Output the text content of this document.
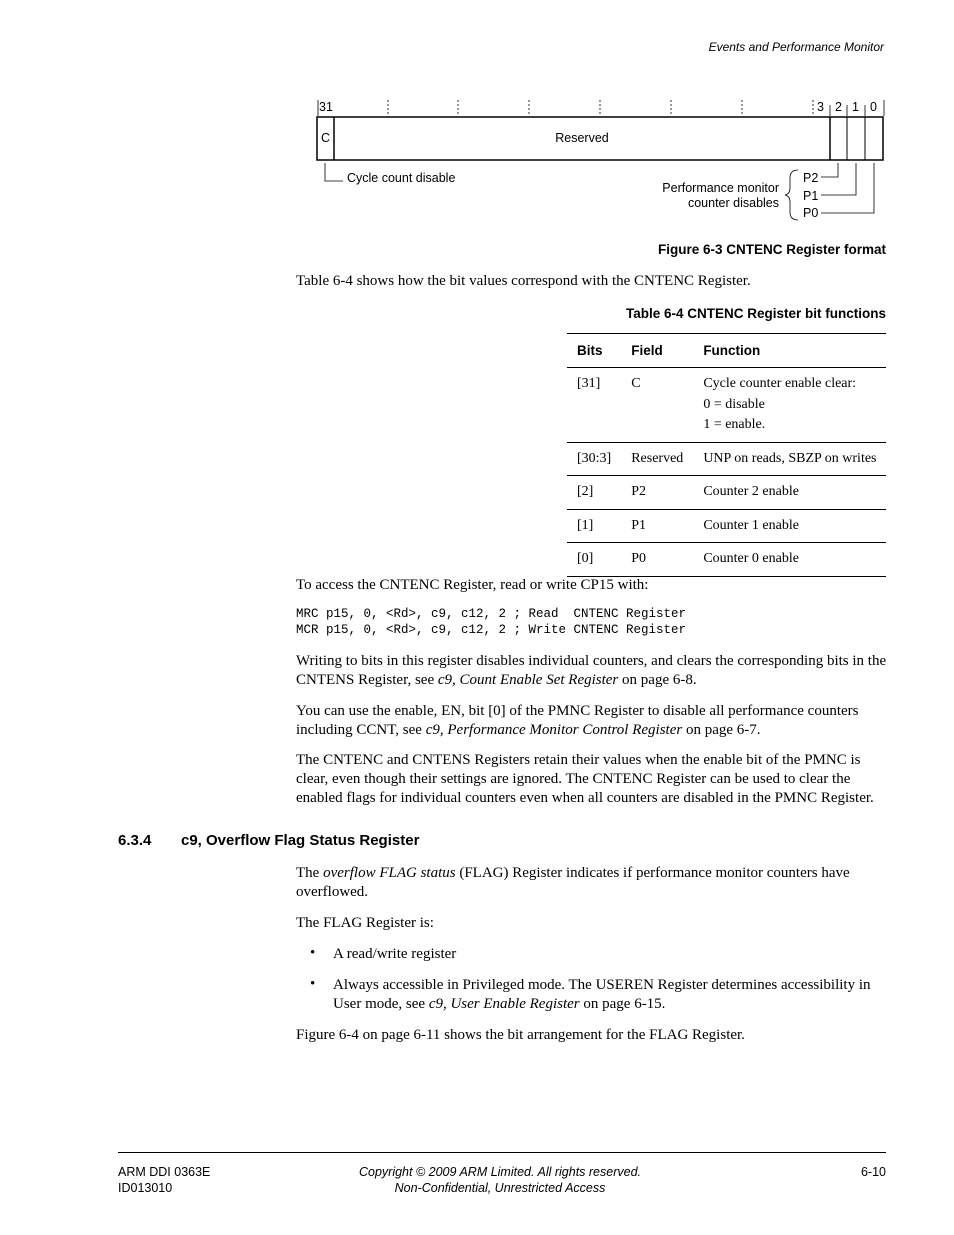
Events and Performance Monitor
31	3 2 1 0
C	Reserved
Cycle count disable	P2
P1
P0
Performance monitor
counter disables
Figure 6-3 CNTENC Register format
Table 6-4 shows how the bit values correspond with the CNTENC Register.
Table 6-4 CNTENC Register bit functions
Bits	Field	Function
[31]	C	Cycle counter enable clear:
0 = disable
1 = enable.

[30:3]	Reserved	UNP on reads, SBZP on writes
[2]	P2	Counter 2 enable
[1]	P1	Counter 1 enable
[0]	P0	Counter 0 enable
To access the CNTENC Register, read or write CP15 with:
MRC p15, 0, <Rd>, c9, c12, 2 ; Read  CNTENC Register
MCR p15, 0, <Rd>, c9, c12, 2 ; Write CNTENC Register
Writing to bits in this register disables individual counters, and clears the corresponding bits in the CNTENS Register, see c9, Count Enable Set Register on page 6-8.
You can use the enable, EN, bit [0] of the PMNC Register to disable all performance counters including CCNT, see c9, Performance Monitor Control Register on page 6-7.
The CNTENC and CNTENS Registers retain their values when the enable bit of the PMNC is clear, even though their settings are ignored. The CNTENC Register can be used to clear the enabled flags for individual counters even when all counters are disabled in the PMNC Register.
6.3.4 c9, Overflow Flag Status Register
The overflow FLAG status (FLAG) Register indicates if performance monitor counters have overflowed.
The FLAG Register is:
• A read/write register
• Always accessible in Privileged mode. The USEREN Register determines accessibility in User mode, see c9, User Enable Register on page 6-15.
Figure 6-4 on page 6-11 shows the bit arrangement for the FLAG Register.
ARM DDI 0363E
ID013010
Copyright © 2009 ARM Limited. All rights reserved.
Non-Confidential, Unrestricted Access
6-10
